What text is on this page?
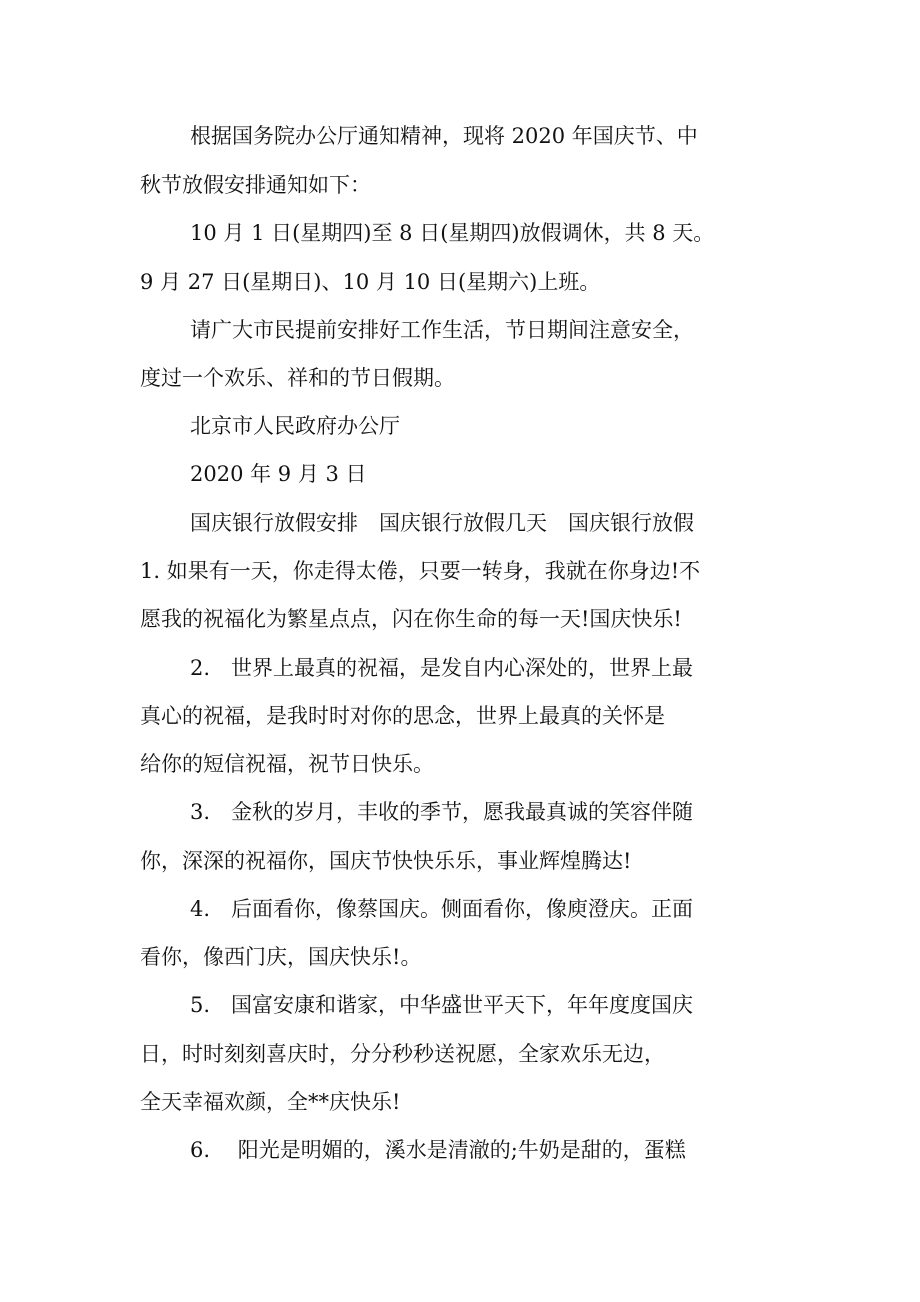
根据国务院办公厅通知精神，现将 2020 年国庆节、中
秋节放假安排通知如下：
10 月 1 日(星期四)至 8 日(星期四)放假调休，共 8 天。
9 月 27 日(星期日)、10 月 10 日(星期六)上班。
请广大市民提前安排好工作生活，节日期间注意安全，
度过一个欢乐、祥和的节日假期。
北京市人民政府办公厅
2020 年 9 月 3 日
国庆银行放假安排　国庆银行放假几天　国庆银行放假
1. 如果有一天，你走得太倦，只要一转身，我就在你身边!不
愿我的祝福化为繁星点点，闪在你生命的每一天!国庆快乐!
2.　世界上最真的祝福，是发自内心深处的，世界上最
真心的祝福，是我时时对你的思念，世界上最真的关怀是
给你的短信祝福，祝节日快乐。
3.　金秋的岁月，丰收的季节，愿我最真诚的笑容伴随
你，深深的祝福你，国庆节快快乐乐，事业辉煌腾达!
4.　后面看你，像蔡国庆。侧面看你，像庾澄庆。正面
看你，像西门庆，国庆快乐!。
5.　国富安康和谐家，中华盛世平天下，年年度度国庆
日，时时刻刻喜庆时，分分秒秒送祝愿，全家欢乐无边，
全天幸福欢颜，全**庆快乐!
6.　 阳光是明媚的，溪水是清澈的;牛奶是甜的，蛋糕
